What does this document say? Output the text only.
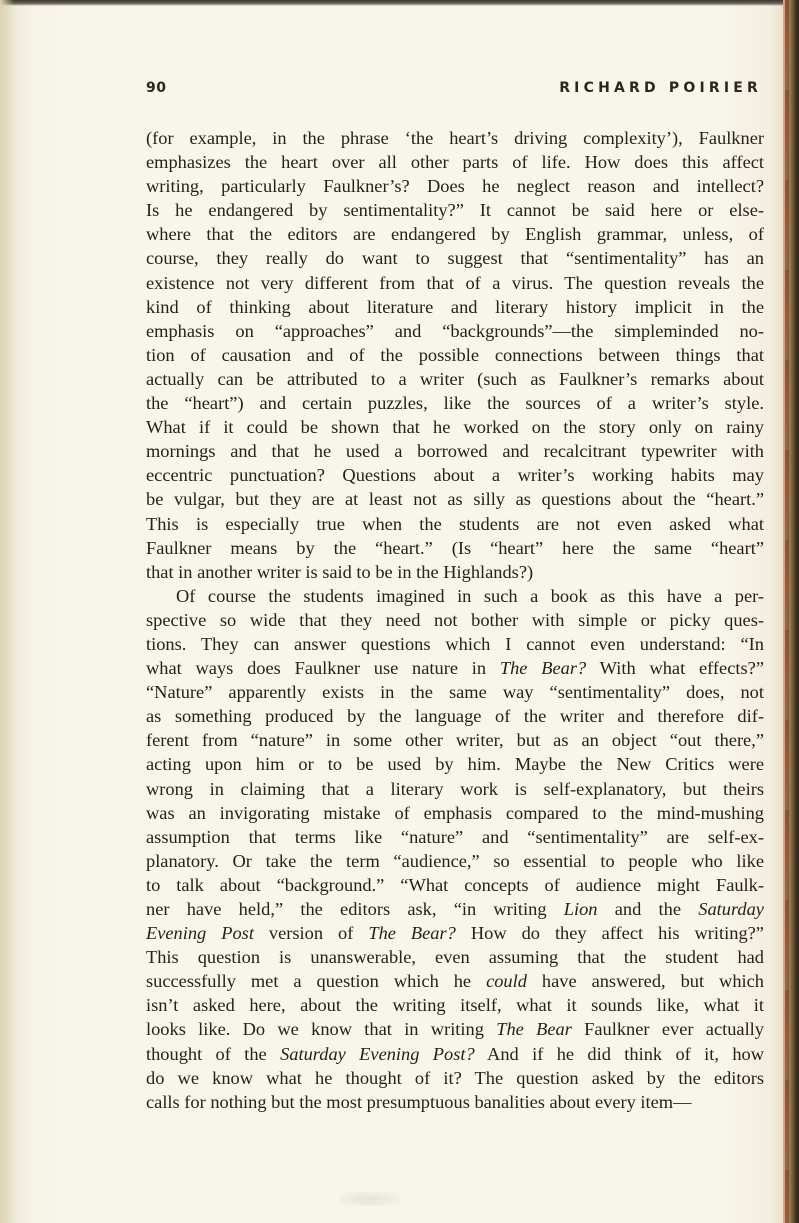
90	RICHARD POIRIER

(for example, in the phrase ‘the heart’s driving complexity’), Faulkner
emphasizes the heart over all other parts of life. How does this affect
writing, particularly Faulkner’s? Does he neglect reason and intellect?
Is he endangered by sentimentality?” It cannot be said here or else-
where that the editors are endangered by English grammar, unless, of
course, they really do want to suggest that “sentimentality” has an
existence not very different from that of a virus. The question reveals the
kind of thinking about literature and literary history implicit in the
emphasis on “approaches” and “backgrounds”—the simpleminded no-
tion of causation and of the possible connections between things that
actually can be attributed to a writer (such as Faulkner’s remarks about
the “heart”) and certain puzzles, like the sources of a writer’s style.
What if it could be shown that he worked on the story only on rainy
mornings and that he used a borrowed and recalcitrant typewriter with
eccentric punctuation? Questions about a writer’s working habits may
be vulgar, but they are at least not as silly as questions about the “heart.”
This is especially true when the students are not even asked what
Faulkner means by the “heart.” (Is “heart” here the same “heart”
that in another writer is said to be in the Highlands?)

Of course the students imagined in such a book as this have a per-
spective so wide that they need not bother with simple or picky ques-
tions. They can answer questions which I cannot even understand: “In
what ways does Faulkner use nature in The Bear? With what effects?”
“Nature” apparently exists in the same way “sentimentality” does, not
as something produced by the language of the writer and therefore dif-
ferent from “nature” in some other writer, but as an object “out there,”
acting upon him or to be used by him. Maybe the New Critics were
wrong in claiming that a literary work is self-explanatory, but theirs
was an invigorating mistake of emphasis compared to the mind-mushing
assumption that terms like “nature” and “sentimentality” are self-ex-
planatory. Or take the term “audience,” so essential to people who like
to talk about “background.” “What concepts of audience might Faulk-
ner have held,” the editors ask, “in writing Lion and the Saturday
Evening Post version of The Bear? How do they affect his writing?”
This question is unanswerable, even assuming that the student had
successfully met a question which he could have answered, but which
isn’t asked here, about the writing itself, what it sounds like, what it
looks like. Do we know that in writing The Bear Faulkner ever actually
thought of the Saturday Evening Post? And if he did think of it, how
do we know what he thought of it? The question asked by the editors
calls for nothing but the most presumptuous banalities about every item—
